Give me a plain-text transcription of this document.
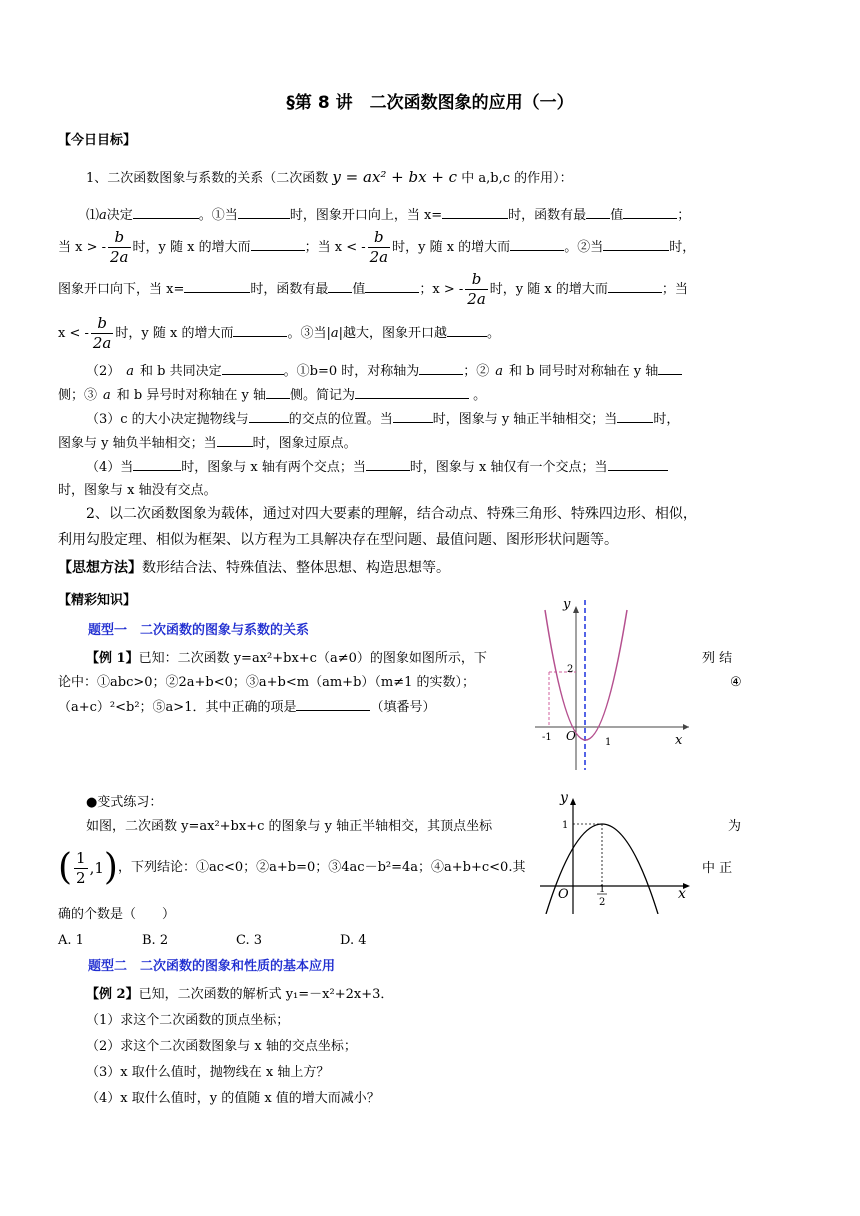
§第 8 讲　二次函数图象的应用（一）
【今日目标】
1、二次函数图象与系数的关系（二次函数 y = ax² + bx + c 中 a,b,c 的作用）：
⑴a决定	。①当	时，图象开口向上，当 x=	时，函数有最 值	；
当 x > - $\frac{b}{2a}$ 时，y 随 x 的增大而	；当 x < - $\frac{b}{2a}$ 时，y 随 x 的增大而	。②当	时，
图象开口向下，当 x=	时，函数有最 值	；x > - $\frac{b}{2a}$ 时，y 随 x 的增大而	；当
x < - $\frac{b}{2a}$ 时，y 随 x 的增大而	。③当|a|越大，图象开口越	。
（2） a 和 b 共同决定	。①b=0 时，对称轴为	；② a 和 b 同号时对称轴在 y 轴
侧；③ a 和 b 异号时对称轴在 y 轴 侧。简记为	。
（3）c 的大小决定抛物线与	的交点的位置。当	时，图象与 y 轴正半轴相交；当	时，
图象与 y 轴负半轴相交；当	时，图象过原点。
（4）当	时，图象与 x 轴有两个交点；当	时，图象与 x 轴仅有一个交点；当
时，图象与 x 轴没有交点。
2、以二次函数图象为载体，通过对四大要素的理解，结合动点、特殊三角形、特殊四边形、相似，
利用勾股定理、相似为框架、以方程为工具解决存在型问题、最值问题、图形形状问题等。
【思想方法】数形结合法、特殊值法、整体思想、构造思想等。
【精彩知识】
题型一　二次函数的图象与系数的关系
【例 1】已知：二次函数 y=ax²+bx+c（a≠0）的图象如图所示，下	列 结
论中：①abc>0；②2a+b<0；③a+b<m（am+b）（m≠1 的实数）；	④
（a+c）²<b²；⑤a>1．其中正确的项是	（填番号）
y
x
O
-1	1
2
●变式练习：
如图，二次函数 y=ax²+bx+c 的图象与 y 轴正半轴相交，其顶点坐标	为
( $\frac{1}{2} ,1$)，下列结论：①ac<0；②a+b=0；③4ac－b²=4a；④a+b+c<0.其	中 正
确的个数是（　　）
A. 1	B. 2	C. 3	D. 4
y
x
O
1
1
2
题型二　二次函数的图象和性质的基本应用
【例 2】已知，二次函数的解析式 y₁=－x²+2x+3．
（1）求这个二次函数的顶点坐标；
（2）求这个二次函数图象与 x 轴的交点坐标；
（3）x 取什么值时，抛物线在 x 轴上方？
（4）x 取什么值时，y 的值随 x 值的增大而减小？
